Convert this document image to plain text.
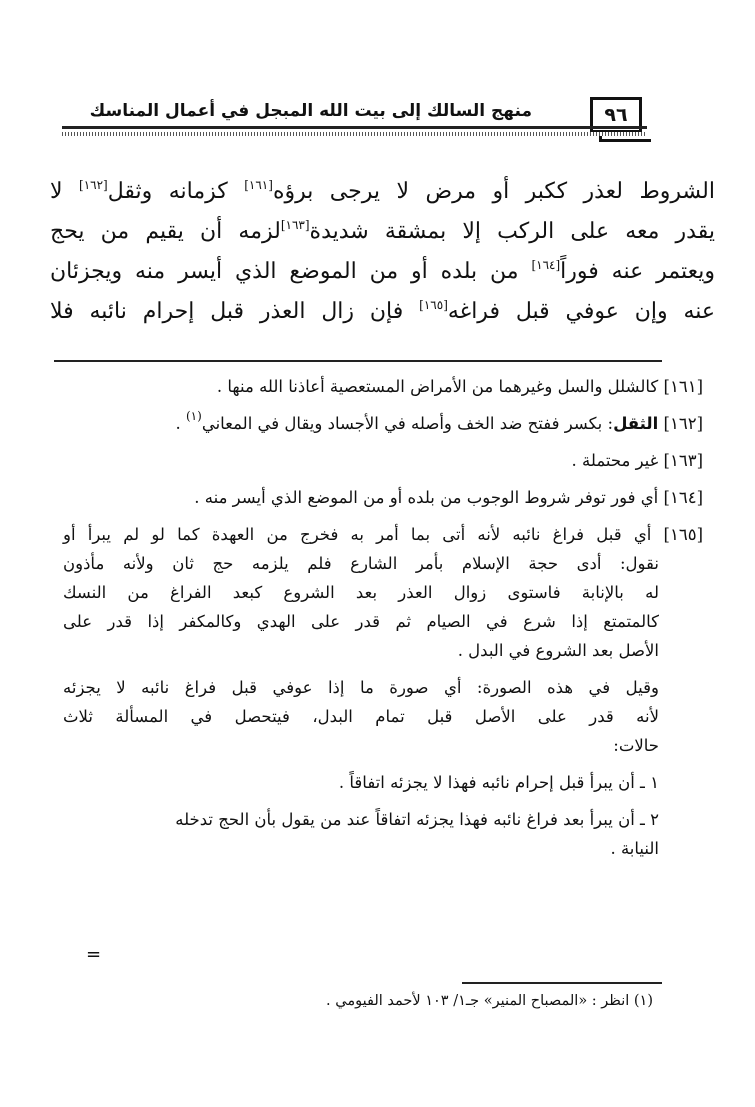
٩٦
منهج السالك إلى بيت الله المبجل في أعمال المناسك
الشروط لعذر ككبر أو مرض لا يرجى برؤه[١٦١] كزمانه وثقل[١٦٢] لا
يقدر معه على الركب إلا بمشقة شديدة[١٦٣]لزمه أن يقيم من يحج
ويعتمر عنه فوراً[١٦٤] من بلده أو من الموضع الذي أيسر منه ويجزئان
عنه وإن عوفي قبل فراغه[١٦٥] فإن زال العذر قبل إحرام نائبه فلا
[١٦١] كالشلل والسل وغيرهما من الأمراض المستعصية أعاذنا الله منها .
[١٦٢] الثقل: بكسر ففتح ضد الخف وأصله في الأجساد ويقال في المعاني$^{(١)}$ .
[١٦٣] غير محتملة .
[١٦٤] أي فور توفر شروط الوجوب من بلده أو من الموضع الذي أيسر منه .
[١٦٥] أي قبل فراغ نائبه لأنه أتى بما أمر به فخرج من العهدة كما لو لم يبرأ أو
نقول: أدى حجة الإسلام بأمر الشارع فلم يلزمه حج ثان ولأنه مأذون
له بالإنابة فاستوى زوال العذر بعد الشروع كبعد الفراغ من النسك
كالمتمتع إذا شرع في الصيام ثم قدر على الهدي وكالمكفر إذا قدر على
الأصل بعد الشروع في البدل .
وقيل في هذه الصورة: أي صورة ما إذا عوفي قبل فراغ نائبه لا يجزئه
لأنه قدر على الأصل قبل تمام البدل، فيتحصل في المسألة ثلاث
حالات:
١ ـ أن يبرأ قبل إحرام نائبه فهذا لا يجزئه اتفاقاً .
٢ ـ أن يبرأ بعد فراغ نائبه فهذا يجزئه اتفاقاً عند من يقول بأن الحج تدخله
النيابة .
=
(١) انظر : «المصباح المنير» جـ١/ ١٠٣ لأحمد الفيومي .
